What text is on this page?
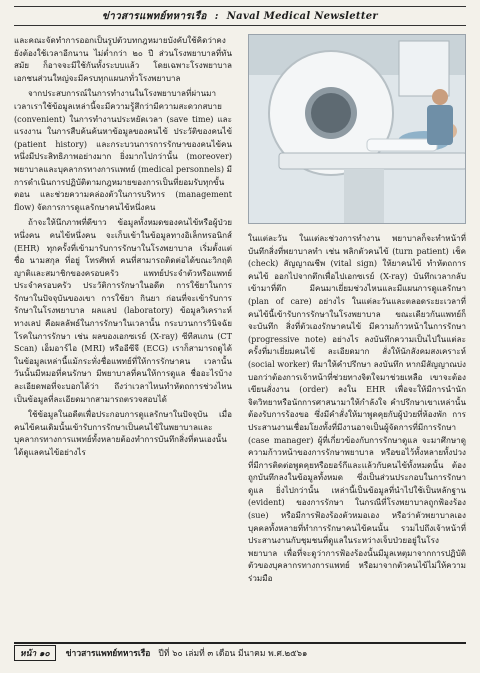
ข่าวสารแพทย์ทหารเรือ : Naval Medical Newsletter

และคณะจัดทำการออกเป็นรูปตัวบทกฎหมายบังคับใช้คิดว่าคงยังต้องใช้เวลาอีกนาน ไม่ต่ำกว่า ๒๐ ปี ส่วนโรงพยาบาลที่ทันสมัย ก็อาจจะมีใช้กันทั้งระบบแล้ว โดยเฉพาะโรงพยาบาลเอกชนส่วนใหญ่จะมีครบทุกแผนกทั่วโรงพยาบาล

จากประสบการณ์ในการทำงานในโรงพยาบาลที่ผ่านมา เวลาเราใช้ข้อมูลเหล่านี้จะมีความรู้สึกว่ามีความสะดวกสบาย (convenient) ในการทำงานประหยัดเวลา (save time) และแรงงาน ในการสืบค้นค้นหาข้อมูลของคนไข้ ประวัติของคนไข้ (patient history) และกระบวนการการรักษาของคนไข้คนหนึ่งมีประสิทธิภาพอย่างมาก ยิ่งมากไปกว่านั้น (moreover) พยาบาลและบุคลากรทางการแพทย์ (medical personnels) มีการดำเนินการปฏิบัติตามกฎหมายของการเป็นที่ยอมรับทุกขั้นตอน และช่วยความคล่องตัวในการบริหาร (management flow) จัดการการดูแลรักษาคนไข้หนึ่งคน

ถ้าจะให้นึกภาพที่ดีขาว ข้อมูลทั้งหมดของคนไข้หรือผู้ป่วยหนึ่งคน คนไข้หนึ่งคน จะเก็บเข้าในข้อมูลทางอิเล็กทรอนิกส์ (EHR) ทุกครั้งที่เข้ามารับการรักษาในโรงพยาบาล เริ่มตั้งแต่ ชื่อ นามสกุล ที่อยู่ โทรศัพท์ คนที่สามารถติดต่อได้ขณะวิกฤติ ญาติและสมาชิกของครอบครัว แพทย์ประจำตัวหรือแพทย์ประจำครอบครัว ประวัติการรักษาในอดีต การใช้ยาในการรักษาในปัจจุบันของเขา การใช้ยา กินยา ก่อนที่จะเข้ารับการรักษาในโรงพยาบาล ผลแลป (laboratory) ข้อมูลวิเคราะห์ทางเลป คือผลลัพธ์ในการรักษาในเวลานั้น กระบวนการวินิจฉัยโรคในการรักษา เช่น ผลของเอกซเรย์ (X-ray) ซีทีสแกน (CT Scan) เอ็มอาร์ไอ (MRI) หรืออีซีจี (ECG) เราก็สามารถดูได้ในข้อมูลเหล่านี้แม้กระทั่งชื่อแพทย์ที่ให้การรักษาคน เวลานั้น วันนั้นมีหมอที่คนรักษา มีพยาบาลที่คนให้การดูแล ชื่ออะไรบ้าง ละเอียดพอที่จะบอกได้ว่า ถึงว่าเวลาไหนทำหัตถการช่วงไหน เป็นข้อมูลที่ละเอียดมากสามารถตรวจสอบได้

ใช้ข้อมูลในอดีตเพื่อประกอบการดูแลรักษาในปัจจุบัน เมื่อคนไข้คนเดิมนั้นเข้ารับการรักษาเป็นคนไข้ในพยาบาลและบุคลากรทางการแพทย์ทั้งหลายต้องทำการบันทึกสิ่งที่ตนเองนั้นได้ดูแลคนไข้อย่างไร

ในแต่ละวัน ในแต่ละช่วงการทำงาน พยาบาลก็จะทำหน้าที่บันทึกสิ่งที่พยาบาลทำ เช่น พลิกตัวคนไข้ (turn patient) เช็ค (check) สัญญาณชีพ (vital sign) ให้ยาคนไข้ ทำหัตถการคนไข้ ออกไปจากตึกเพื่อไปเอกซเรย์ (X-ray) บันทึกเวลากลับเข้ามาที่ตึก มีคนมาเยี่ยมช่วงไหนและมีแผนการดูแลรักษา (plan of care) อย่างไร ในแต่ละวันและตลอดระยะเวลาที่คนไข้นี้เข้ารับการรักษาในโรงพยาบาล ขณะเดียวกันแพทย์ก็จะบันทึก สิ่งที่ตัวเองรักษาคนไข้ มีความก้าวหน้าในการรักษา (progressive note) อย่างไร ลงบันทึกความเป็นไปในแต่ละครั้งที่มาเยี่ยมคนไข้ ละเอียดมาก สั่งให้นักสังคมสงเคราะห์ (social worker) ทีมาให้คำปรึกษา ลงบันทึก หากมีสัญญาณบ่งบอกว่าต้องการเจ้าหน้าที่ช่วยทางจิตใจมาช่วยเหลือ เขาจะต้องเขียนสั่งงาน (order) ลงใน EHR เพื่อจะให้มีการนำนักจิตวิทยาหรือนักการศาสนามาให้กำลังใจ คำปรึกษาเขาเหล่านั้นต้องรับการร้องขอ ซึ่งมีคำสั่งให้มาพูดคุยกับผู้ป่วยที่ห้องพัก การประสานงานเชื่อมโยงทั้งที่มีงานอาจเป็นผู้จัดการที่มีการรักษา (case manager) ผู้ที่เกี่ยวข้องกับการรักษาดูแล จะมาศึกษาดูความก้าวหน้าของการรักษาพยาบาล หรือขอไว้ทั้งหลายทั้งปวง ที่มีการติดต่อพูดคุยหรือยอร์กีและแล้วกับคนไข้ทั้งหมดนั้น ต้องถูกบันทึกลงในข้อมูลทั้งหมด ซึ่งเป็นส่วนประกอบในการรักษาดูแล ยิ่งไปกว่านั้น เหล่านี้เป็นข้อมูลที่นำไปใช้เป็นหลักฐาน (evident) ของการรักษา ในกรณีที่โรงพยาบาลถูกฟ้องร้อง (sue) หรือมีการฟ้องร้องตัวหมอเอง หรือว่าตัวพยาบาลเอง บุคคลทั้งหลายที่ทำการรักษาคนไข้คนนั้น รวมไปถึงเจ้าหน้าที่ประสานงานกับชุมชนที่ดูแลในระหว่างเจ็บป่วยอยู่ในโรงพยาบาล เพื่อที่จะดูว่าการฟ้องร้องนั้นมีมูลเหตุมาจากการปฏิบัติตัวของบุคลากรทางการแพทย์ หรือมาจากตัวคนไข้ไม่ให้ความร่วมมือ

หน้า ๑๐	ข่าวสารแพทย์ทหารเรือ ปีที่ ๖๐ เล่มที่ ๓ เดือน มีนาคม พ.ศ.๒๕๖๑
